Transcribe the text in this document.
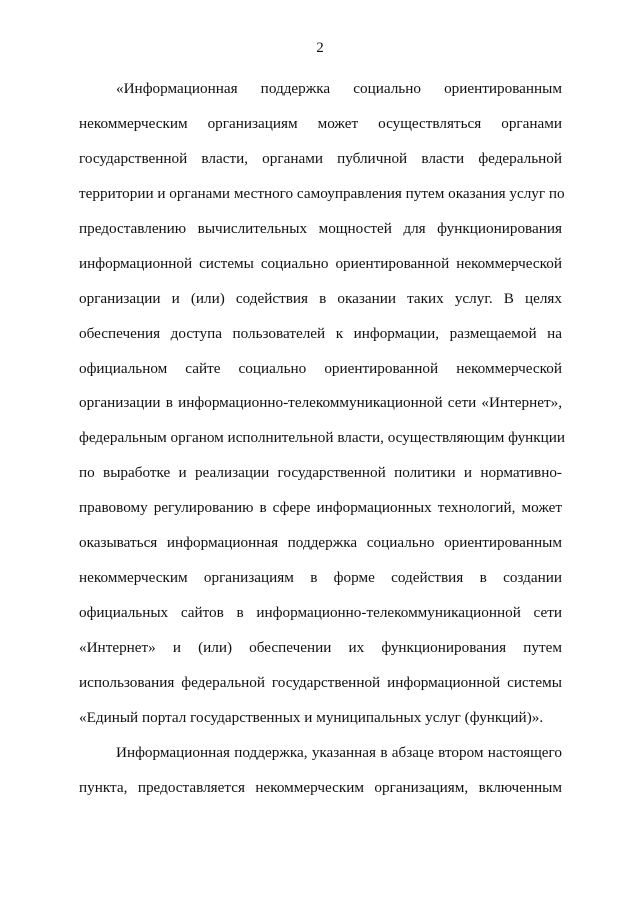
2
«Информационная поддержка социально ориентированным
некоммерческим организациям может осуществляться органами
государственной власти, органами публичной власти федеральной
территории и органами местного самоуправления путем оказания услуг по
предоставлению вычислительных мощностей для функционирования
информационной системы социально ориентированной некоммерческой
организации и (или) содействия в оказании таких услуг. В целях
обеспечения доступа пользователей к информации, размещаемой на
официальном сайте социально ориентированной некоммерческой
организации в информационно-телекоммуникационной сети «Интернет»,
федеральным органом исполнительной власти, осуществляющим функции
по выработке и реализации государственной политики и нормативно-
правовому регулированию в сфере информационных технологий, может
оказываться информационная поддержка социально ориентированным
некоммерческим организациям в форме содействия в создании
официальных сайтов в информационно-телекоммуникационной сети
«Интернет» и (или) обеспечении их функционирования путем
использования федеральной государственной информационной системы
«Единый портал государственных и муниципальных услуг (функций)».
Информационная поддержка, указанная в абзаце втором настоящего
пункта, предоставляется некоммерческим организациям, включенным
